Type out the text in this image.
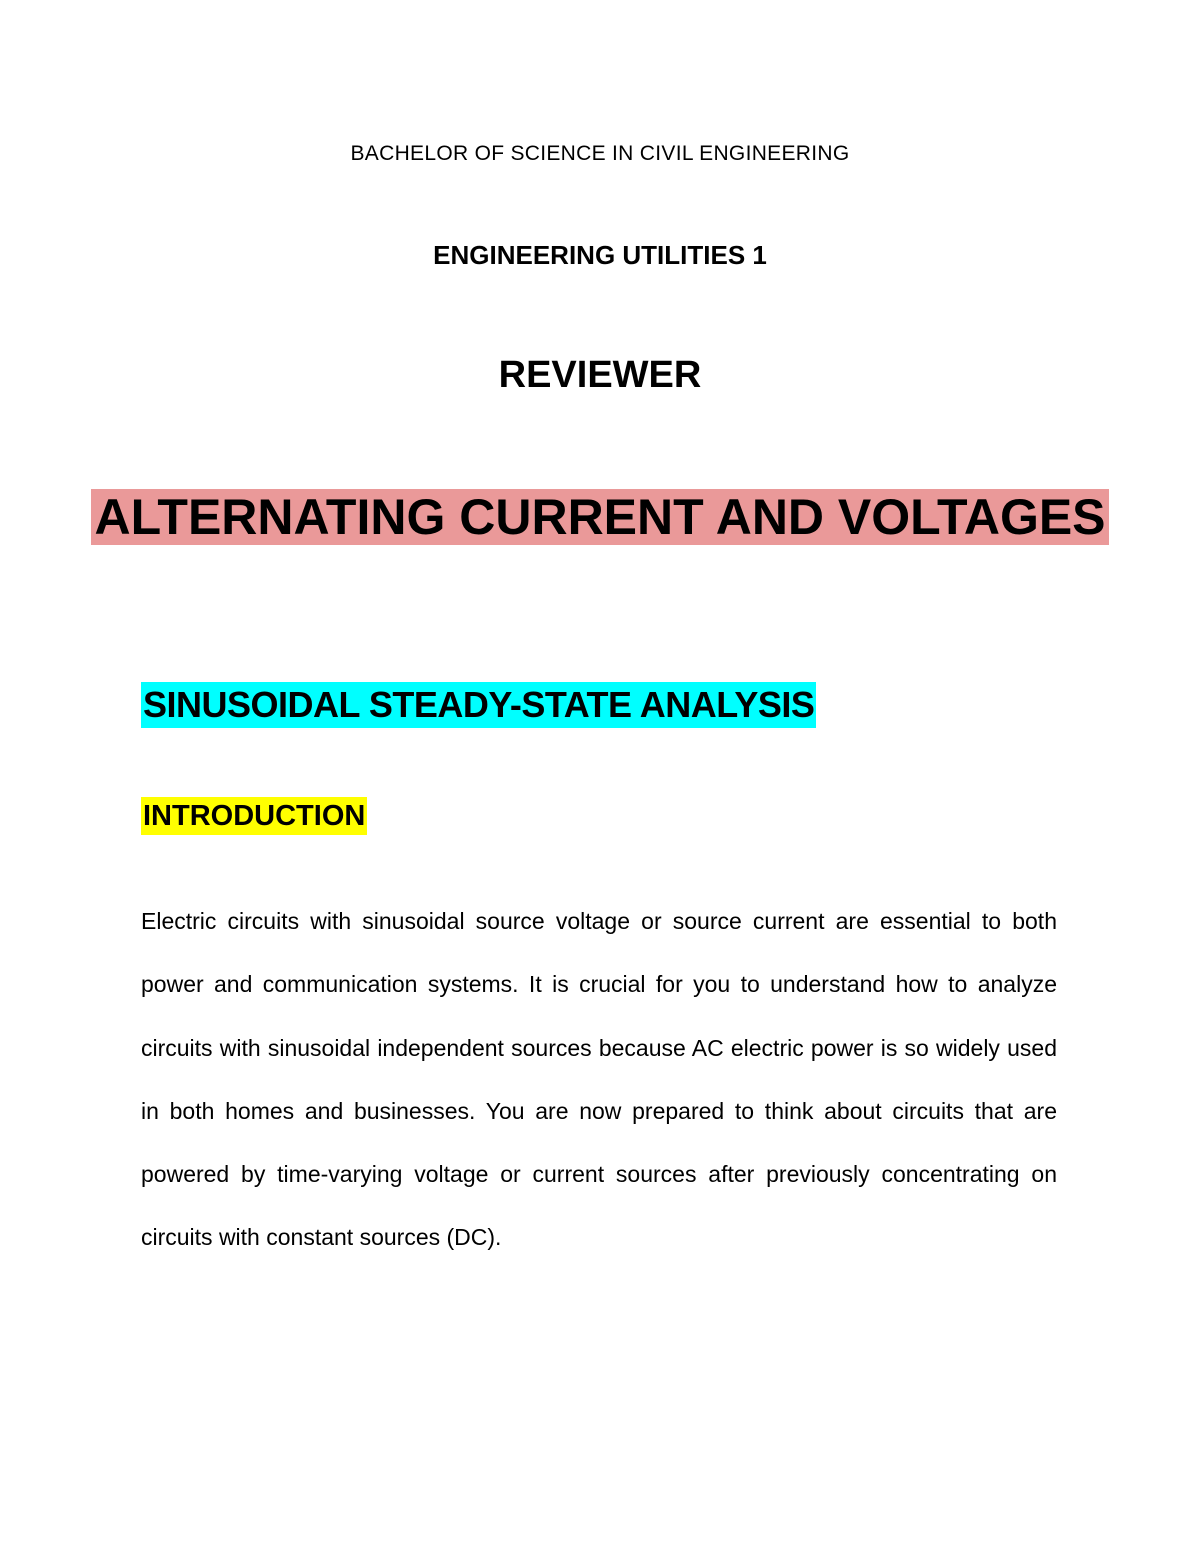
BACHELOR OF SCIENCE IN CIVIL ENGINEERING
ENGINEERING UTILITIES 1
REVIEWER
ALTERNATING CURRENT AND VOLTAGES
SINUSOIDAL STEADY-STATE ANALYSIS
INTRODUCTION

Electric circuits with sinusoidal source voltage or source current are essential to both power and communication systems. It is crucial for you to understand how to analyze circuits with sinusoidal independent sources because AC electric power is so widely used in both homes and businesses. You are now prepared to think about circuits that are powered by time-varying voltage or current sources after previously concentrating on circuits with constant sources (DC).
